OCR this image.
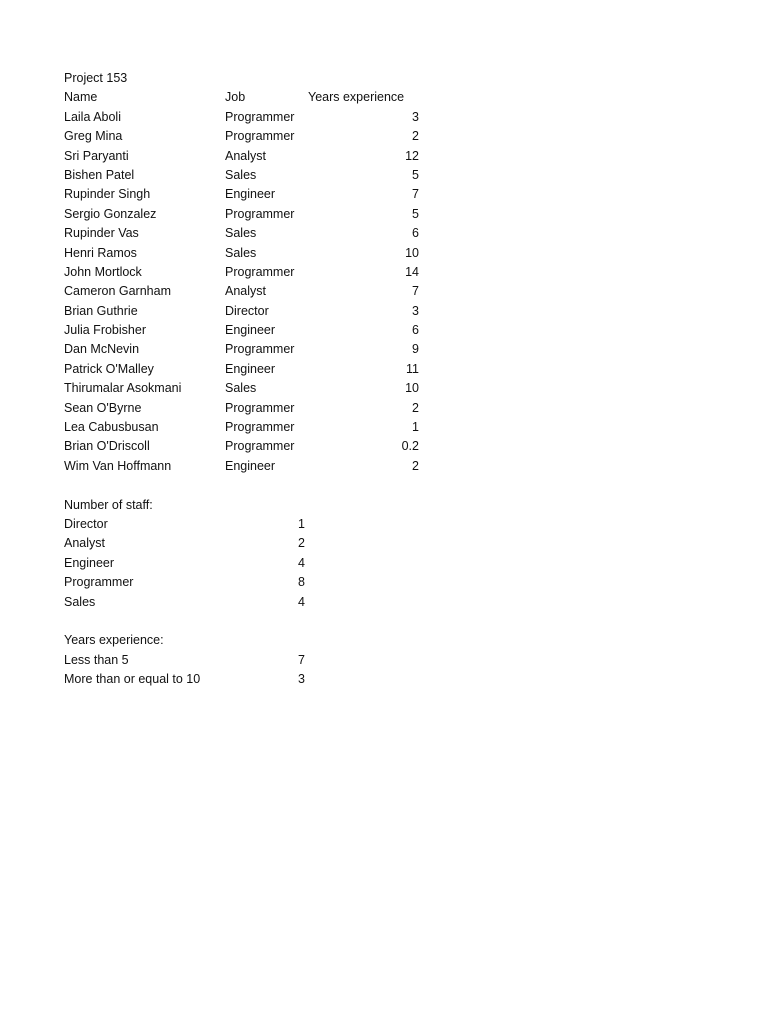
Project 153
Name	Job	Years experience
Laila Aboli	Programmer	3
Greg Mina	Programmer	2
Sri Paryanti	Analyst	12
Bishen Patel	Sales	5
Rupinder Singh	Engineer	7
Sergio Gonzalez	Programmer	5
Rupinder Vas	Sales	6
Henri Ramos	Sales	10
John Mortlock	Programmer	14
Cameron Garnham	Analyst	7
Brian Guthrie	Director	3
Julia Frobisher	Engineer	6
Dan McNevin	Programmer	9
Patrick O'Malley	Engineer	11
Thirumalar Asokmani	Sales	10
Sean O'Byrne	Programmer	2
Lea Cabusbusan	Programmer	1
Brian O'Driscoll	Programmer	0.2
Wim Van Hoffmann	Engineer	2
Number of staff:
Director	1
Analyst	2
Engineer	4
Programmer	8
Sales	4
Years experience:
Less than 5	7
More than or equal to 10	3
